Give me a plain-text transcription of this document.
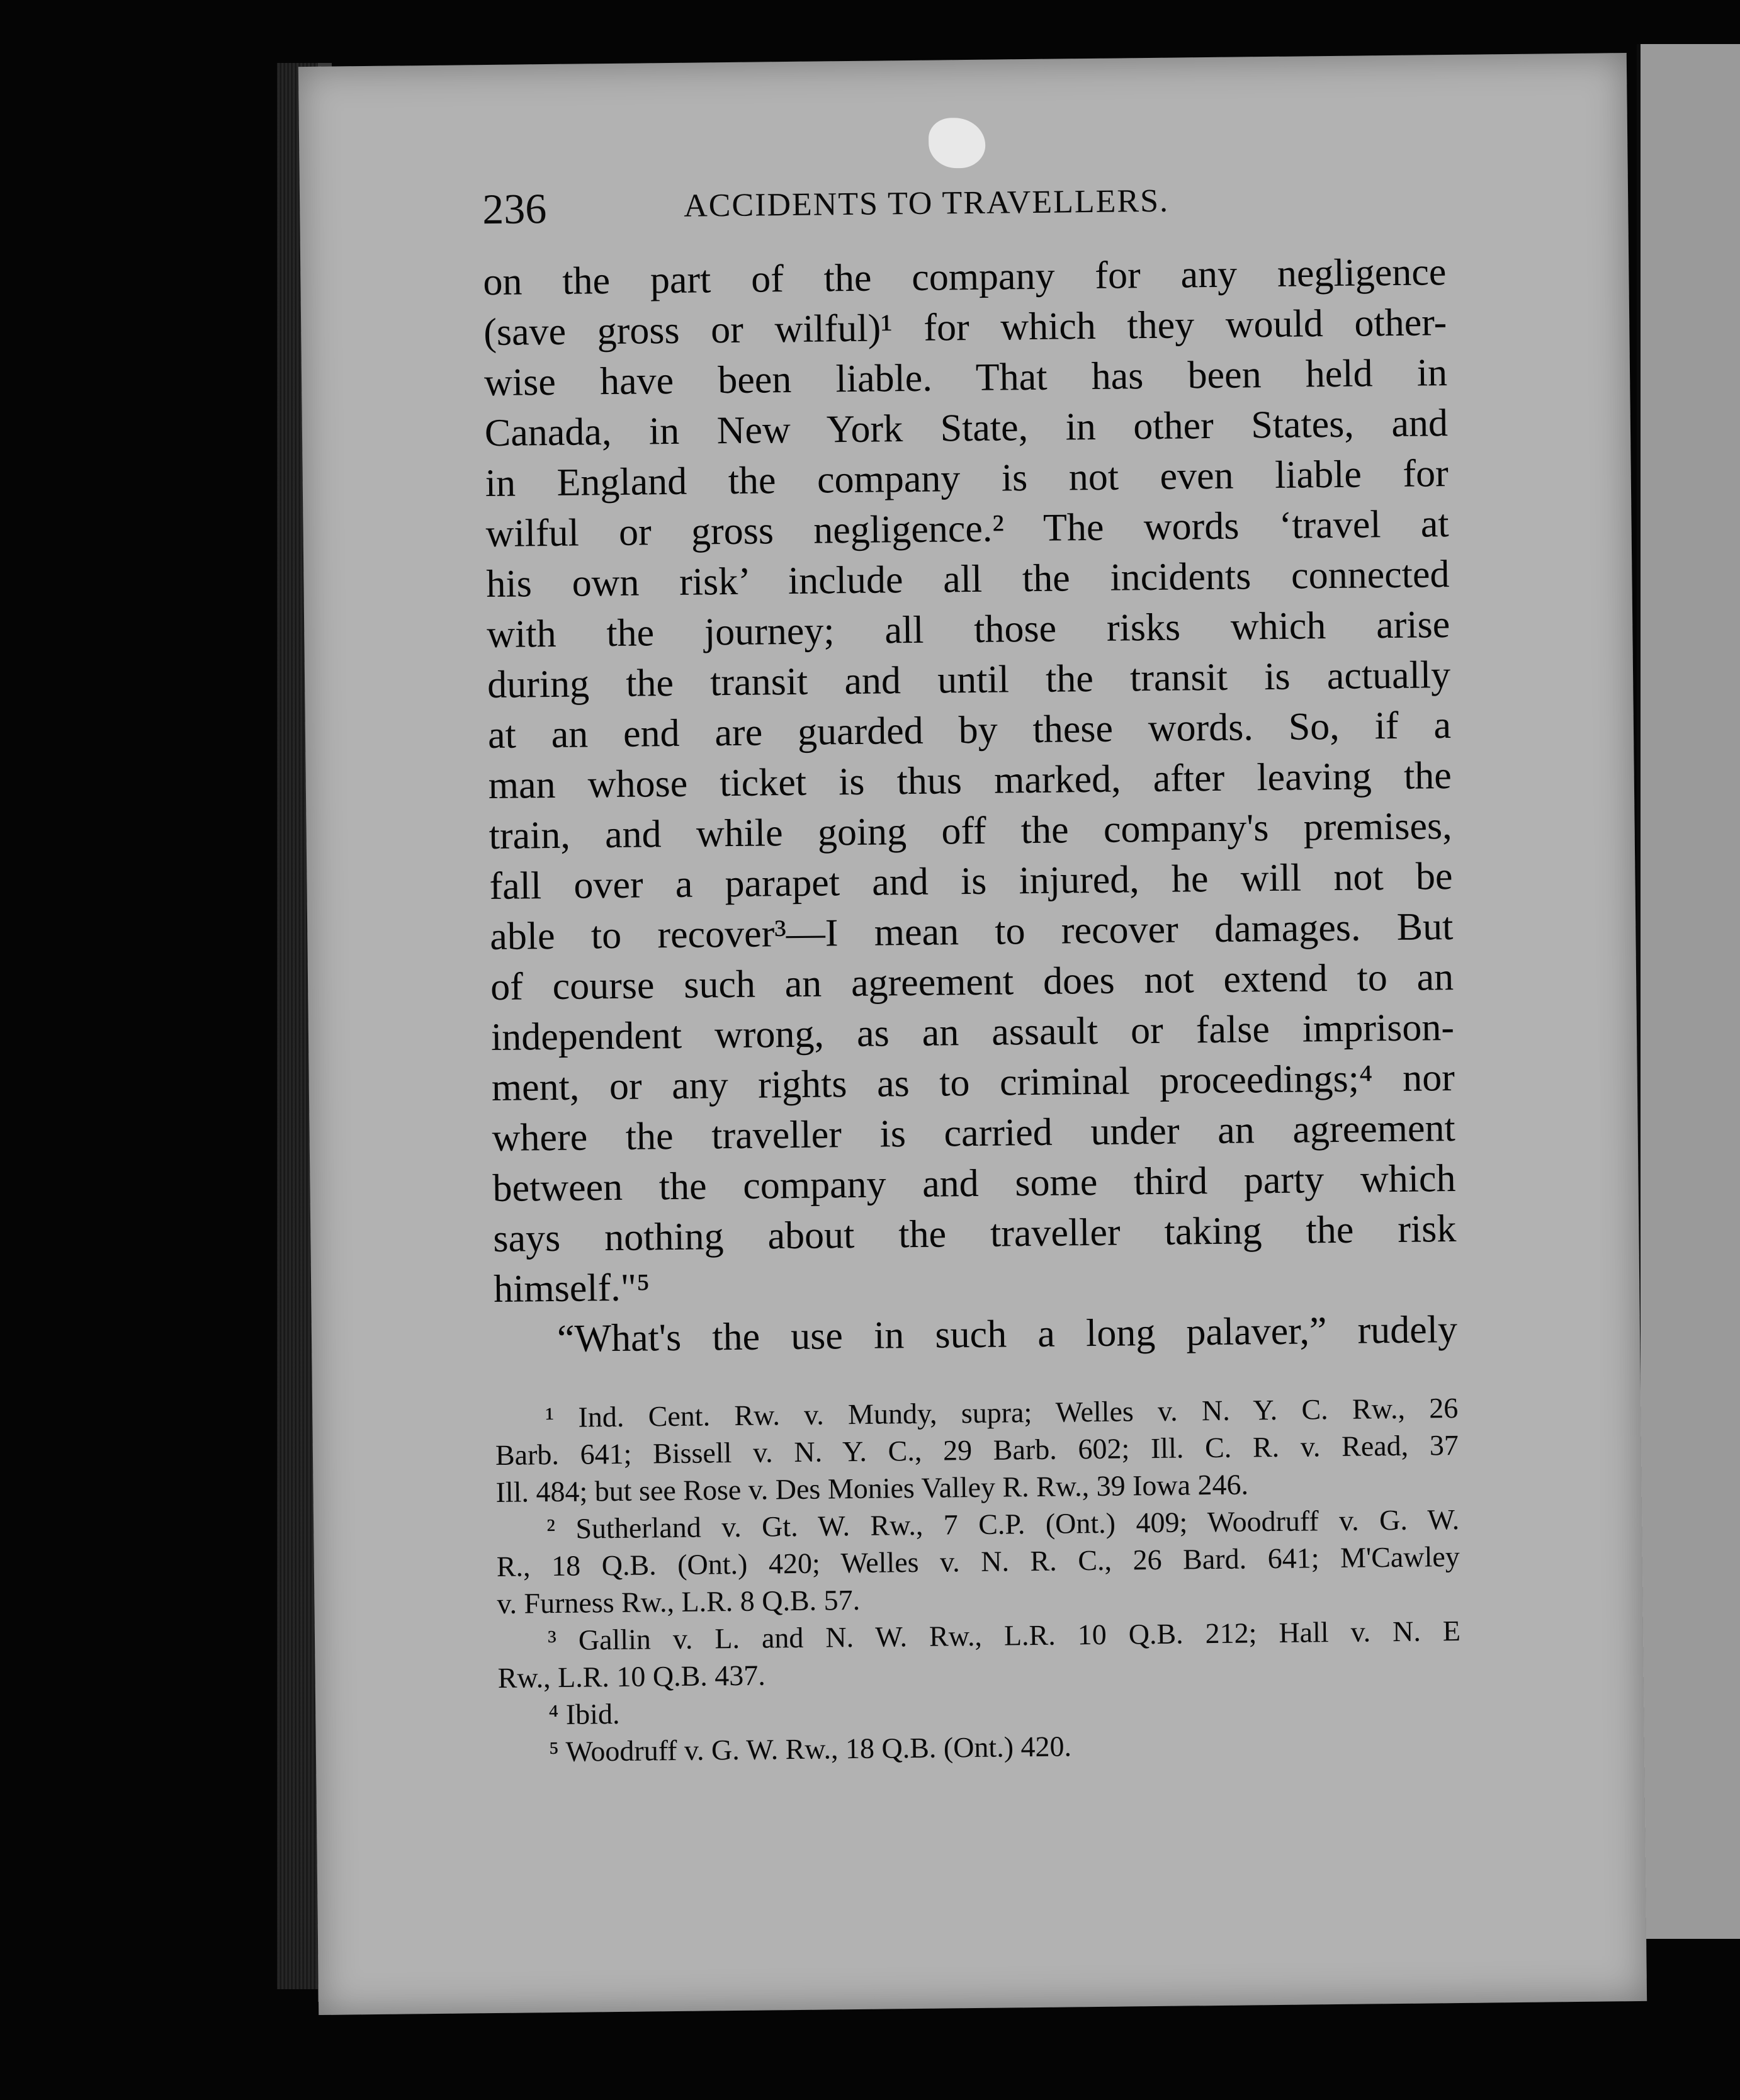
236	ACCIDENTS TO TRAVELLERS.
on the part of the company for any negligence
(save gross or wilful)¹ for which they would other-
wise have been liable. That has been held in
Canada, in New York State, in other States, and
in England the company is not even liable for
wilful or gross negligence.² The words ‘travel at
his own risk’ include all the incidents connected
with the journey; all those risks which arise
during the transit and until the transit is actually
at an end are guarded by these words. So, if a
man whose ticket is thus marked, after leaving the
train, and while going off the company's premises,
fall over a parapet and is injured, he will not be
able to recover³—I mean to recover damages. But
of course such an agreement does not extend to an
independent wrong, as an assault or false imprison-
ment, or any rights as to criminal proceedings;⁴ nor
where the traveller is carried under an agreement
between the company and some third party which
says nothing about the traveller taking the risk
himself."⁵
“What's the use in such a long palaver,” rudely
¹ Ind. Cent. Rw. v. Mundy, supra; Welles v. N. Y. C. Rw., 26
Barb. 641; Bissell v. N. Y. C., 29 Barb. 602; Ill. C. R. v. Read, 37
Ill. 484; but see Rose v. Des Monies Valley R. Rw., 39 Iowa 246.
² Sutherland v. Gt. W. Rw., 7 C.P. (Ont.) 409; Woodruff v. G. W.
R., 18 Q.B. (Ont.) 420; Welles v. N. R. C., 26 Bard. 641; M'Cawley
v. Furness Rw., L.R. 8 Q.B. 57.
³ Gallin v. L. and N. W. Rw., L.R. 10 Q.B. 212; Hall v. N. E
Rw., L.R. 10 Q.B. 437.
⁴ Ibid.
⁵ Woodruff v. G. W. Rw., 18 Q.B. (Ont.) 420.
